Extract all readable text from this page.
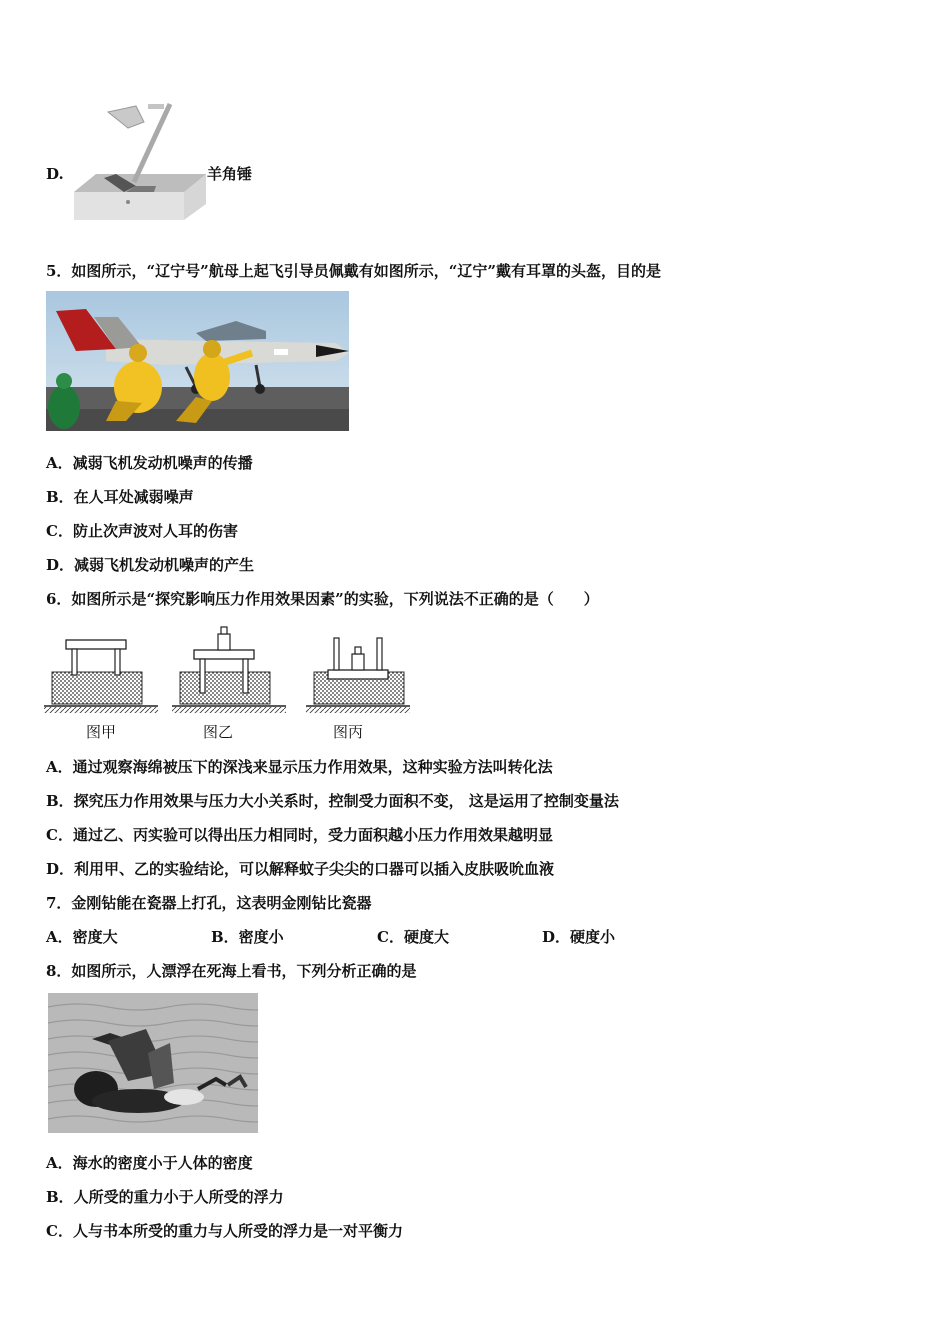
D.	羊角锤
5．如图所示，“辽宁号”航母上起飞引导员佩戴有如图所示，“辽宁”戴有耳罩的头盔，目的是
A．减弱飞机发动机噪声的传播
B．在人耳处减弱噪声
C．防止次声波对人耳的伤害
D．减弱飞机发动机噪声的产生
6．如图所示是“探究影响压力作用效果因素”的实验，下列说法不正确的是（　　）
图甲	图乙	图丙
A．通过观察海绵被压下的深浅来显示压力作用效果，这种实验方法叫转化法
B．探究压力作用效果与压力大小关系时，控制受力面积不变， 这是运用了控制变量法
C．通过乙、丙实验可以得出压力相同时，受力面积越小压力作用效果越明显
D．利用甲、乙的实验结论，可以解释蚊子尖尖的口器可以插入皮肤吸吮血液
7．金刚钻能在瓷器上打孔，这表明金刚钻比瓷器
A．密度大	B．密度小	C．硬度大	D．硬度小
8．如图所示，人漂浮在死海上看书，下列分析正确的是
A．海水的密度小于人体的密度
B．人所受的重力小于人所受的浮力
C．人与书本所受的重力与人所受的浮力是一对平衡力
